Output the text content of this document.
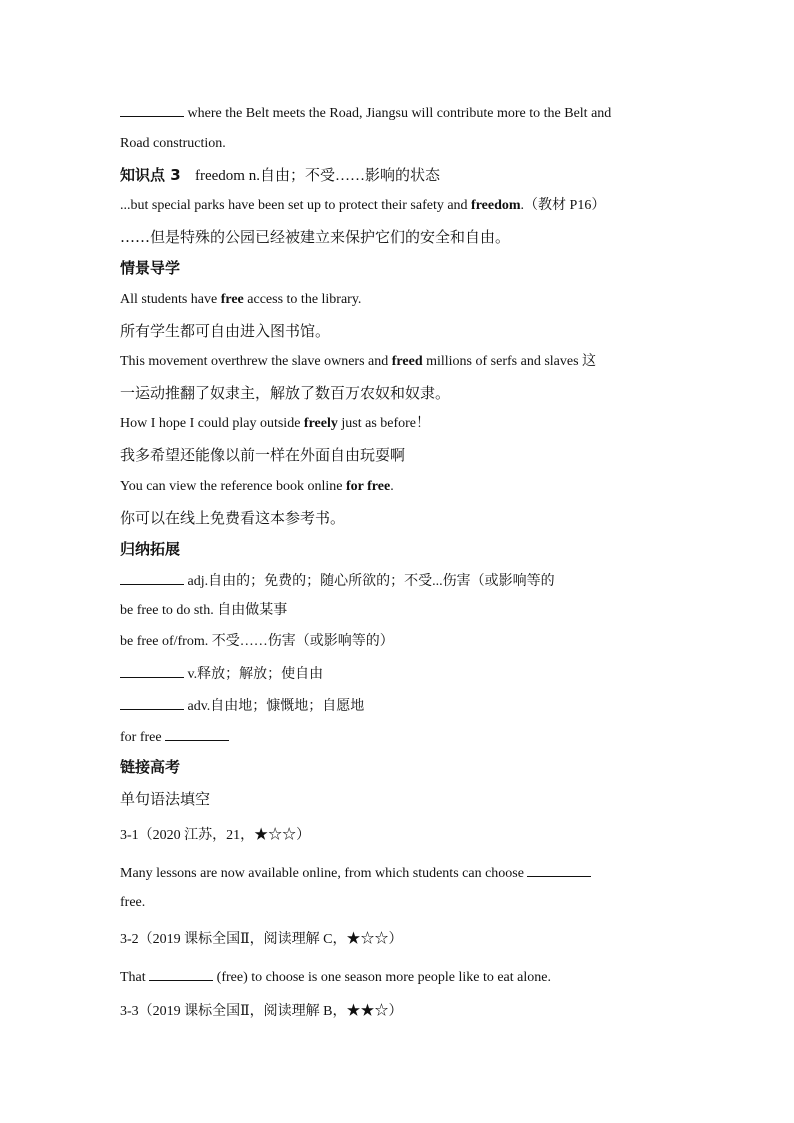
where the Belt meets the Road, Jiangsu will contribute more to the Belt and
Road construction.
知识点 3 freedom n.自由；不受……影响的状态
...but special parks have been set up to protect their safety and freedom.（教材 P16）
……但是特殊的公园已经被建立来保护它们的安全和自由。
情景导学
All students have free access to the library.
所有学生都可自由进入图书馆。
This movement overthrew the slave owners and freed millions of serfs and slaves 这
一运动推翻了奴隶主，解放了数百万农奴和奴隶。
How I hope I could play outside freely just as before！
我多希望还能像以前一样在外面自由玩耍啊
You can view the reference book online for free.
你可以在线上免费看这本参考书。
归纳拓展
adj.自由的；免费的；随心所欲的；不受...伤害（或影响等的
be free to do sth. 自由做某事
be free of/from. 不受……伤害（或影响等的）
v.释放；解放；使自由
adv.自由地；慷慨地；自愿地
for free
链接高考
单句语法填空
3-1（2020 江苏，21，★☆☆）
Many lessons are now available online, from which students can choose
free.
3-2（2019 课标全国Ⅱ，阅读理解 C，★☆☆）
That	(free) to choose is one season more people like to eat alone.
3-3（2019 课标全国Ⅱ，阅读理解 B，★★☆）
